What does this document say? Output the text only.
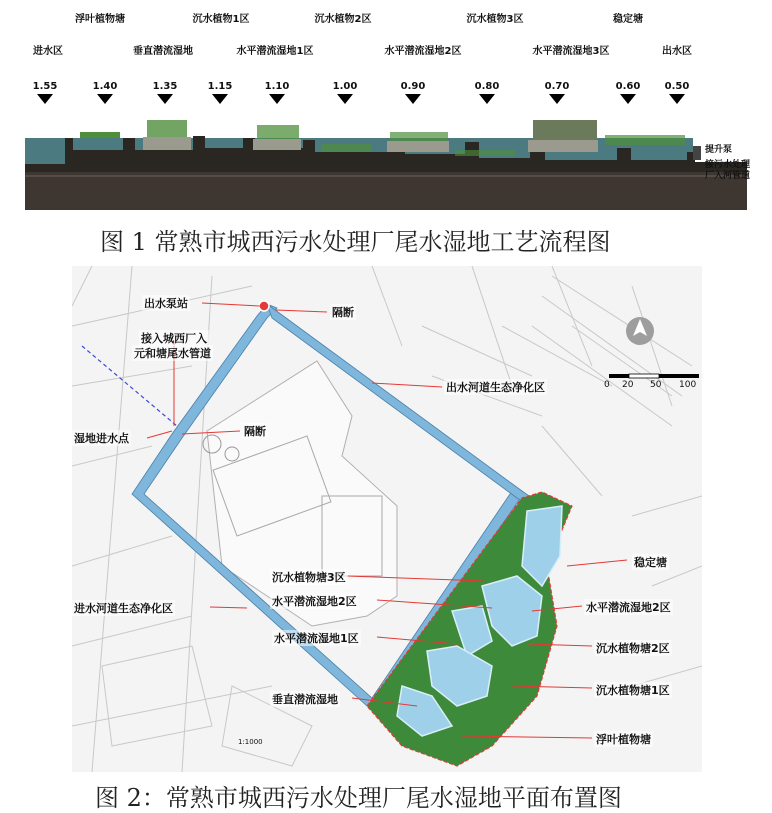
浮叶植物塘	沉水植物1区	沉水植物2区	沉水植物3区	稳定塘
进水区	垂直潜流湿地	水平潜流湿地1区	水平潜流湿地2区	水平潜流湿地3区	出水区
1.55	1.40	1.35	1.15	1.10	1.00	0.90	0.80	0.70	0.60 0.50
提升泵
接污水处理
厂入河管道
图 1 常熟市城西污水处理厂尾水湿地工艺流程图
0 20 50 100
1:1000
出水泵站
隔断
接入城西厂入
元和塘尾水管道
出水河道生态净化区
湿地进水点
隔断
稳定塘
沉水植物塘3区
水平潜流湿地2区	水平潜流湿地2区
进水河道生态净化区
水平潜流湿地1区
沉水植物塘2区
沉水植物塘1区
垂直潜流湿地
浮叶植物塘
图 2：常熟市城西污水处理厂尾水湿地平面布置图
